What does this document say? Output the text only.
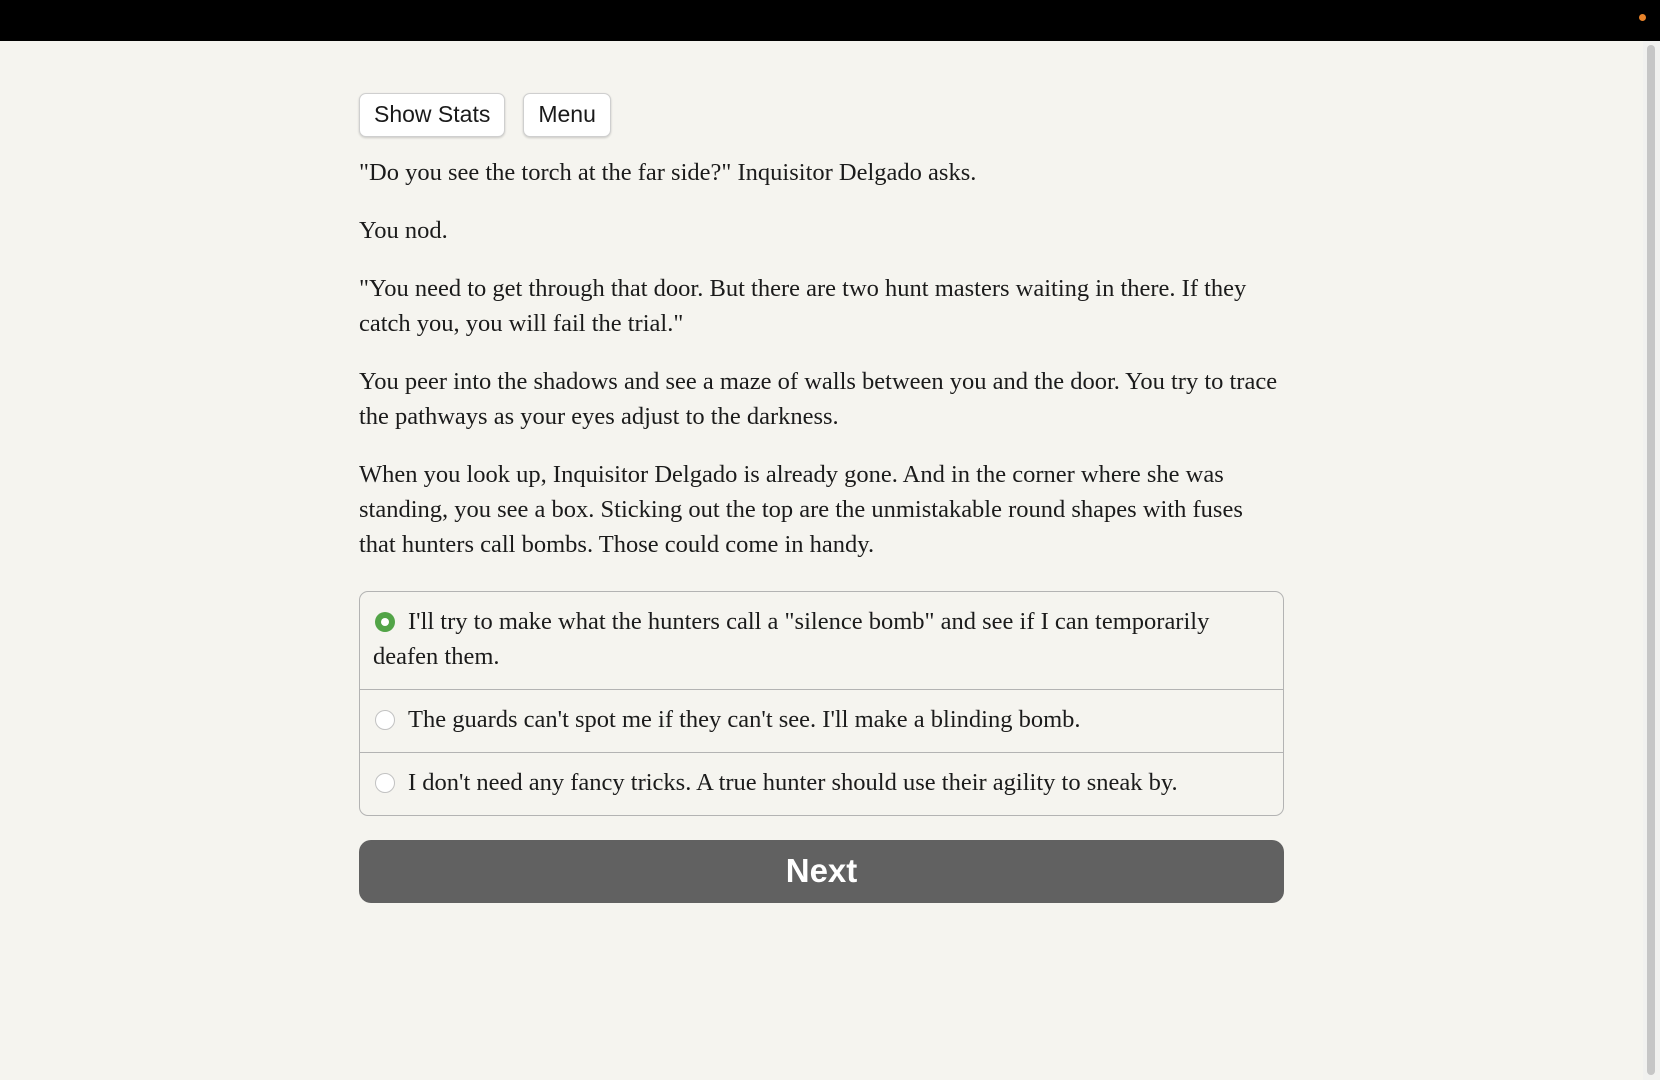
Show Stats	Menu

"Do you see the torch at the far side?" Inquisitor Delgado asks.

You nod.

"You need to get through that door. But there are two hunt masters waiting in there. If they catch you, you will fail the trial."

You peer into the shadows and see a maze of walls between you and the door. You try to trace the pathways as your eyes adjust to the darkness.

When you look up, Inquisitor Delgado is already gone. And in the corner where she was standing, you see a box. Sticking out the top are the unmistakable round shapes with fuses that hunters call bombs. Those could come in handy.

I'll try to make what the hunters call a "silence bomb" and see if I can temporarily deafen them.
The guards can't spot me if they can't see. I'll make a blinding bomb.
I don't need any fancy tricks. A true hunter should use their agility to sneak by.
Next
